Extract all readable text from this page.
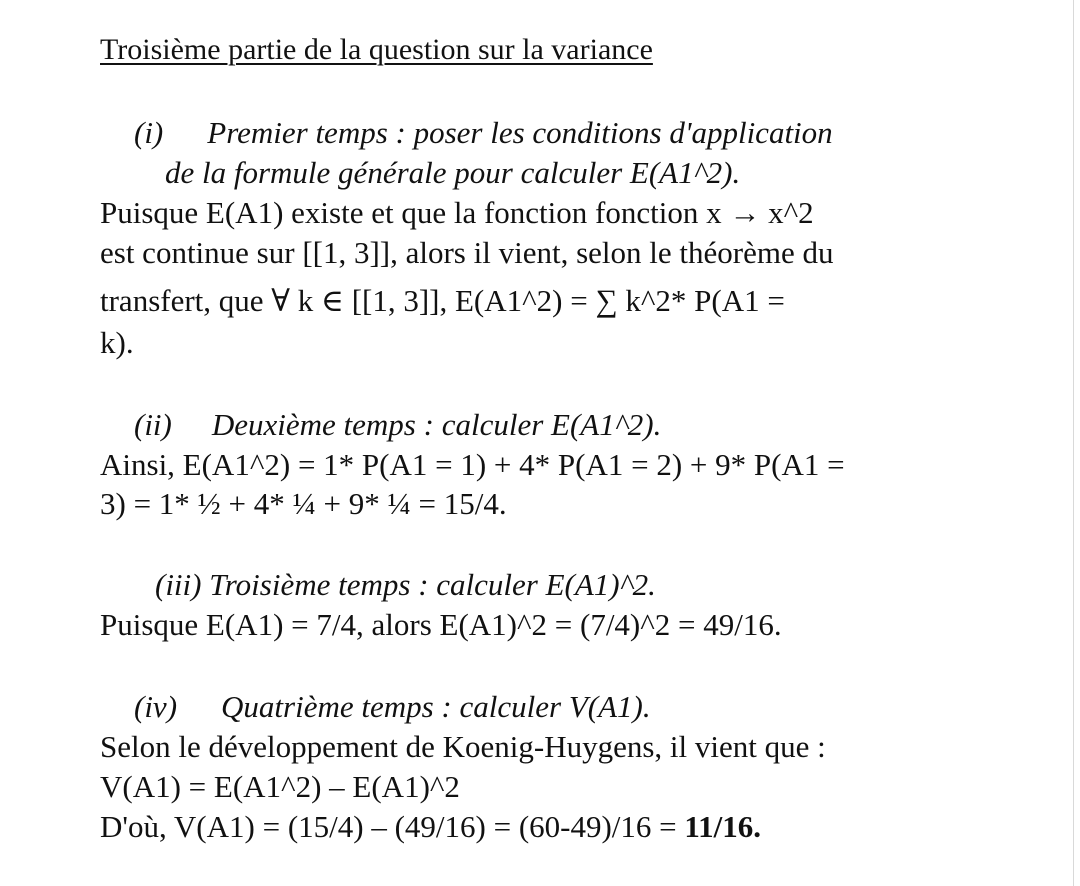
Troisième partie de la question sur la variance
(i) Premier temps : poser les conditions d'application
de la formule générale pour calculer E(A1^2).
Puisque E(A1) existe et que la fonction fonction x → x^2
est continue sur [[1, 3]], alors il vient, selon le théorème du
transfert, que ∀ k ∈ [[1, 3]], E(A1^2) = ∑ k^2* P(A1 =
k).
(ii) Deuxième temps : calculer E(A1^2).
Ainsi, E(A1^2) = 1* P(A1 = 1) + 4* P(A1 = 2) + 9* P(A1 =
3) = 1* ½ + 4* ¼ + 9* ¼ = 15/4.
(iii) Troisième temps : calculer E(A1)^2.
Puisque E(A1) = 7/4, alors E(A1)^2 = (7/4)^2 = 49/16.
(iv) Quatrième temps : calculer V(A1).
Selon le développement de Koenig-Huygens, il vient que :
V(A1) = E(A1^2) – E(A1)^2
D'où, V(A1) = (15/4) – (49/16) = (60-49)/16 = 11/16.
